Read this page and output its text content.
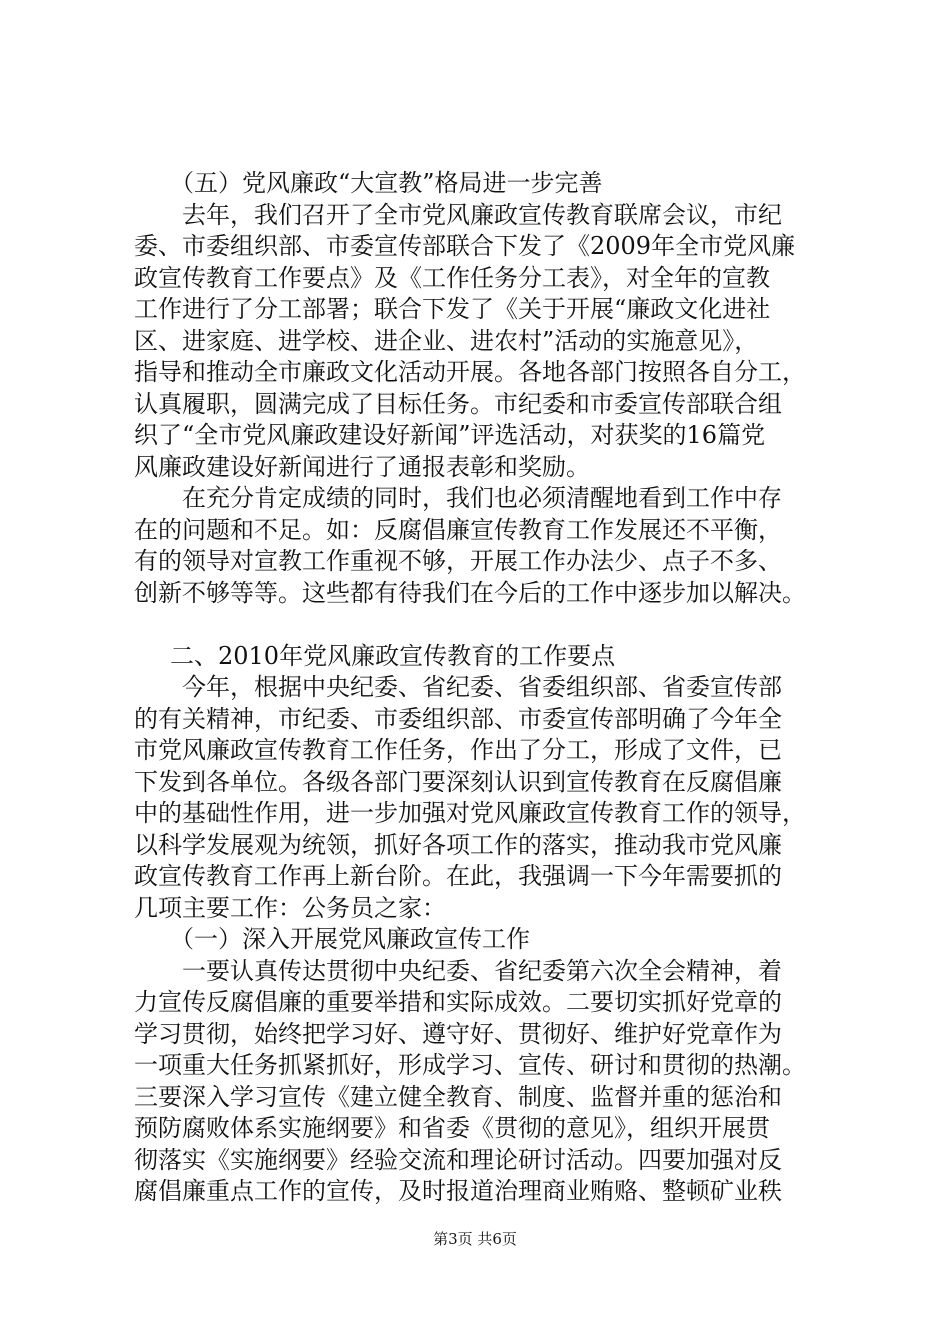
（五）党风廉政“大宣教”格局进一步完善
去年，我们召开了全市党风廉政宣传教育联席会议，市纪
委、市委组织部、市委宣传部联合下发了《2009年全市党风廉
政宣传教育工作要点》及《工作任务分工表》，对全年的宣教
工作进行了分工部署；联合下发了《关于开展“廉政文化进社
区、进家庭、进学校、进企业、进农村”活动的实施意见》，
指导和推动全市廉政文化活动开展。各地各部门按照各自分工，
认真履职，圆满完成了目标任务。市纪委和市委宣传部联合组
织了“全市党风廉政建设好新闻”评选活动，对获奖的16篇党
风廉政建设好新闻进行了通报表彰和奖励。
在充分肯定成绩的同时，我们也必须清醒地看到工作中存
在的问题和不足。如：反腐倡廉宣传教育工作发展还不平衡，
有的领导对宣教工作重视不够，开展工作办法少、点子不多、
创新不够等等。这些都有待我们在今后的工作中逐步加以解决。
二、2010年党风廉政宣传教育的工作要点
今年，根据中央纪委、省纪委、省委组织部、省委宣传部
的有关精神，市纪委、市委组织部、市委宣传部明确了今年全
市党风廉政宣传教育工作任务，作出了分工，形成了文件，已
下发到各单位。各级各部门要深刻认识到宣传教育在反腐倡廉
中的基础性作用，进一步加强对党风廉政宣传教育工作的领导，
以科学发展观为统领，抓好各项工作的落实，推动我市党风廉
政宣传教育工作再上新台阶。在此，我强调一下今年需要抓的
几项主要工作：公务员之家：
（一）深入开展党风廉政宣传工作
一要认真传达贯彻中央纪委、省纪委第六次全会精神，着
力宣传反腐倡廉的重要举措和实际成效。二要切实抓好党章的
学习贯彻，始终把学习好、遵守好、贯彻好、维护好党章作为
一项重大任务抓紧抓好，形成学习、宣传、研讨和贯彻的热潮。
三要深入学习宣传《建立健全教育、制度、监督并重的惩治和
预防腐败体系实施纲要》和省委《贯彻的意见》，组织开展贯
彻落实《实施纲要》经验交流和理论研讨活动。四要加强对反
腐倡廉重点工作的宣传，及时报道治理商业贿赂、整顿矿业秩
第3页 共6页
